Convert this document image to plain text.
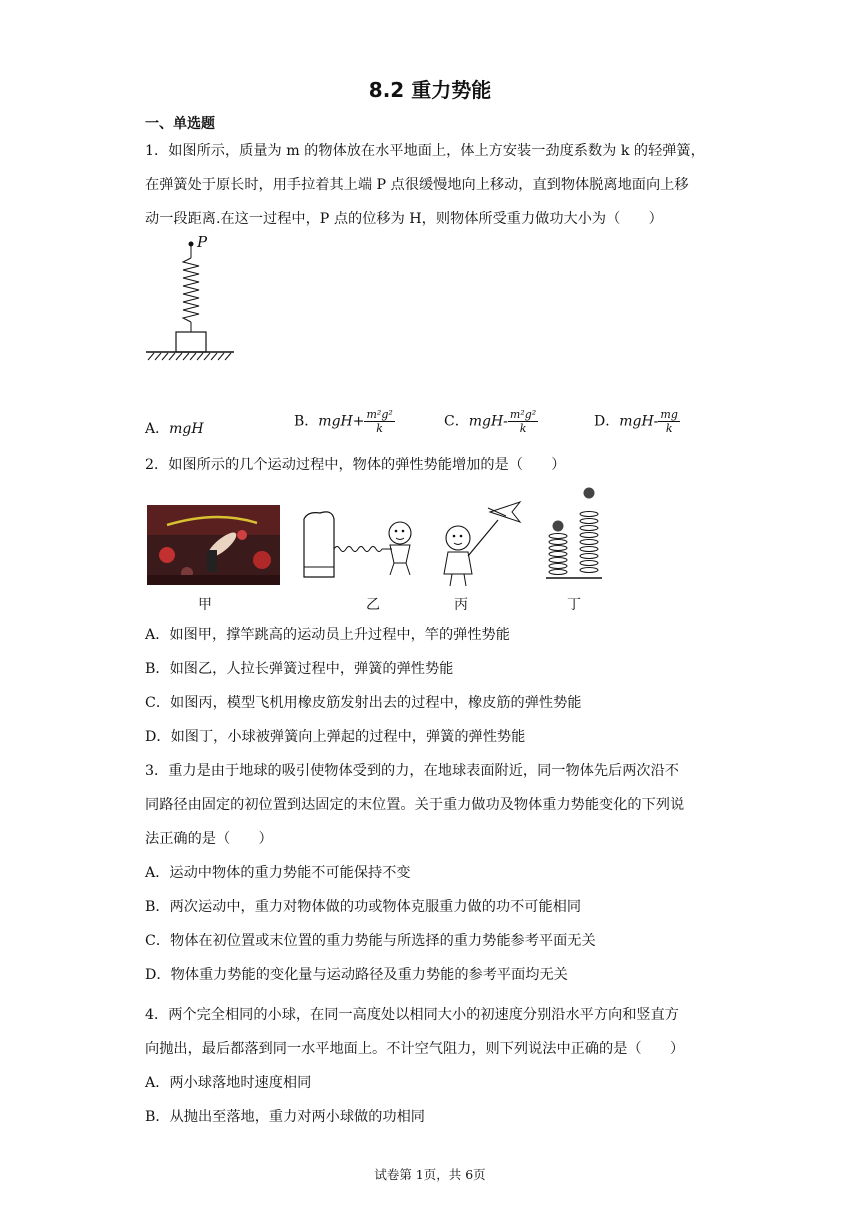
8.2 重力势能
一、单选题
1．如图所示，质量为 m 的物体放在水平地面上，体上方安装一劲度系数为 k 的轻弹簧，
在弹簧处于原长时，用手拉着其上端 P 点很缓慢地向上移动，直到物体脱离地面向上移
动一段距离.在这一过程中，P 点的位移为 H，则物体所受重力做功大小为（　　）
P
A．mgH	B．$mgH+ \frac{\text{m²g²}}{k}$	C．$mgH- \frac{\text{m²g²}}{k}$	D．$mgH- \frac{mg}{k}$
2．如图所示的几个运动过程中，物体的弹性势能增加的是（　　）
甲	乙	丙	丁
A．如图甲，撑竿跳高的运动员上升过程中，竿的弹性势能
B．如图乙，人拉长弹簧过程中，弹簧的弹性势能
C．如图丙，模型飞机用橡皮筋发射出去的过程中，橡皮筋的弹性势能
D．如图丁，小球被弹簧向上弹起的过程中，弹簧的弹性势能
3．重力是由于地球的吸引使物体受到的力，在地球表面附近，同一物体先后两次沿不
同路径由固定的初位置到达固定的末位置。关于重力做功及物体重力势能变化的下列说
法正确的是（　　）
A．运动中物体的重力势能不可能保持不变
B．两次运动中，重力对物体做的功或物体克服重力做的功不可能相同
C．物体在初位置或末位置的重力势能与所选择的重力势能参考平面无关
D．物体重力势能的变化量与运动路径及重力势能的参考平面均无关
4．两个完全相同的小球，在同一高度处以相同大小的初速度分别沿水平方向和竖直方
向抛出，最后都落到同一水平地面上。不计空气阻力，则下列说法中正确的是（　　）
A．两小球落地时速度相同
B．从抛出至落地，重力对两小球做的功相同
试卷第 1页，共 6页
